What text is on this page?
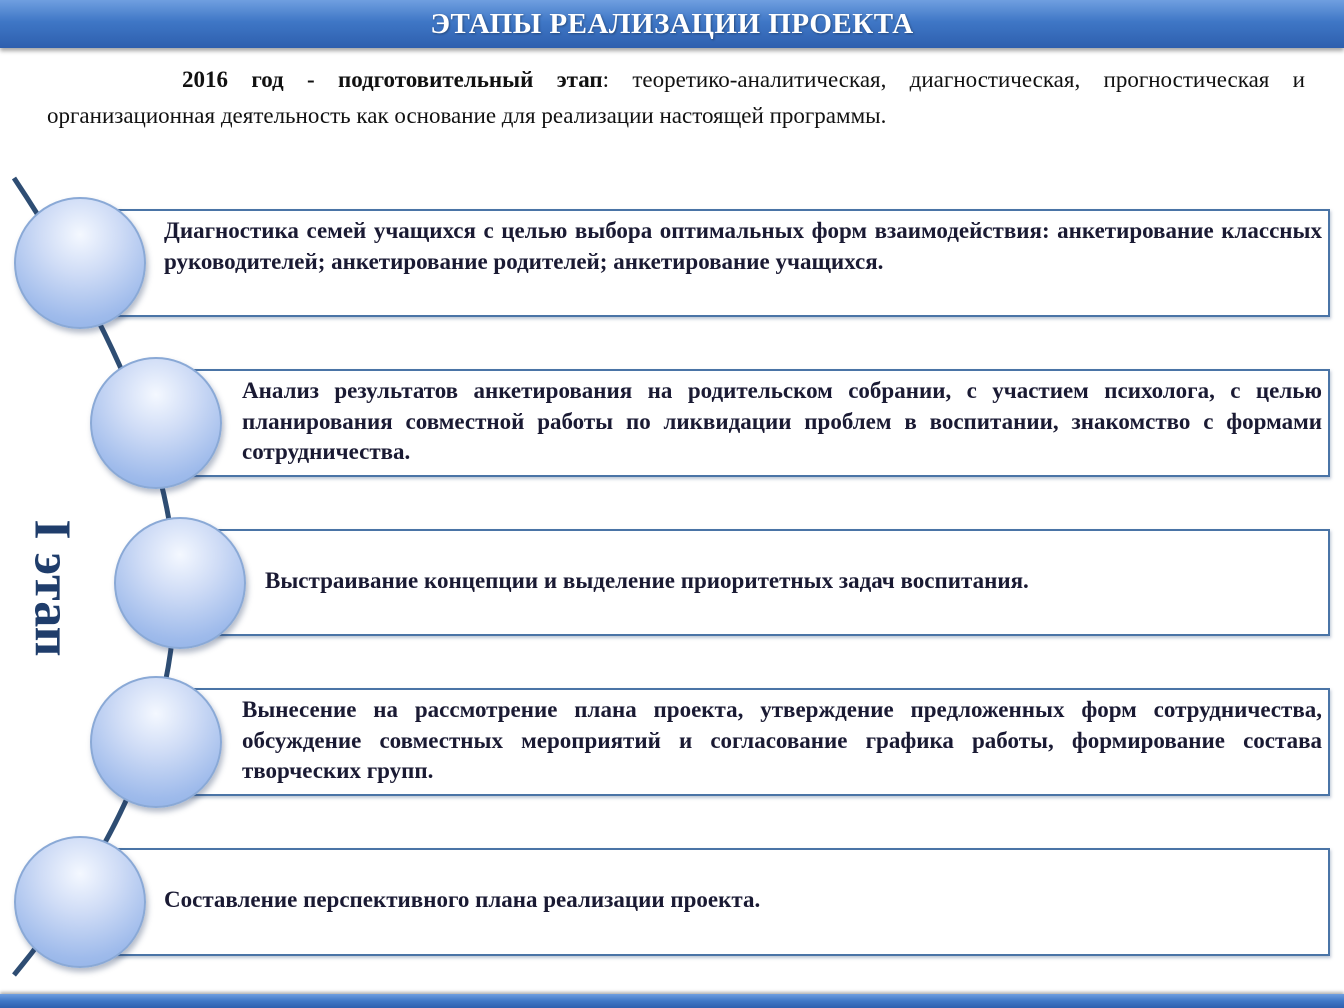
ЭТАПЫ РЕАЛИЗАЦИИ ПРОЕКТА

2016 год - подготовительный этап: теоретико-аналитическая, диагностическая, прогностическая и организационная деятельность как основание для реализации настоящей программы.

I этап

Диагностика семей учащихся с целью выбора оптимальных форм взаимодействия: анкетирование классных руководителей; анкетирование родителей; анкетирование учащихся.

Анализ результатов анкетирования на родительском собрании, с участием психолога, с целью планирования совместной работы по ликвидации проблем в воспитании, знакомство с формами сотрудничества.

Выстраивание концепции и выделение приоритетных задач воспитания.

Вынесение на рассмотрение плана проекта, утверждение предложенных форм сотрудничества, обсуждение совместных мероприятий и согласование графика работы, формирование состава творческих групп.

Составление перспективного плана реализации проекта.
